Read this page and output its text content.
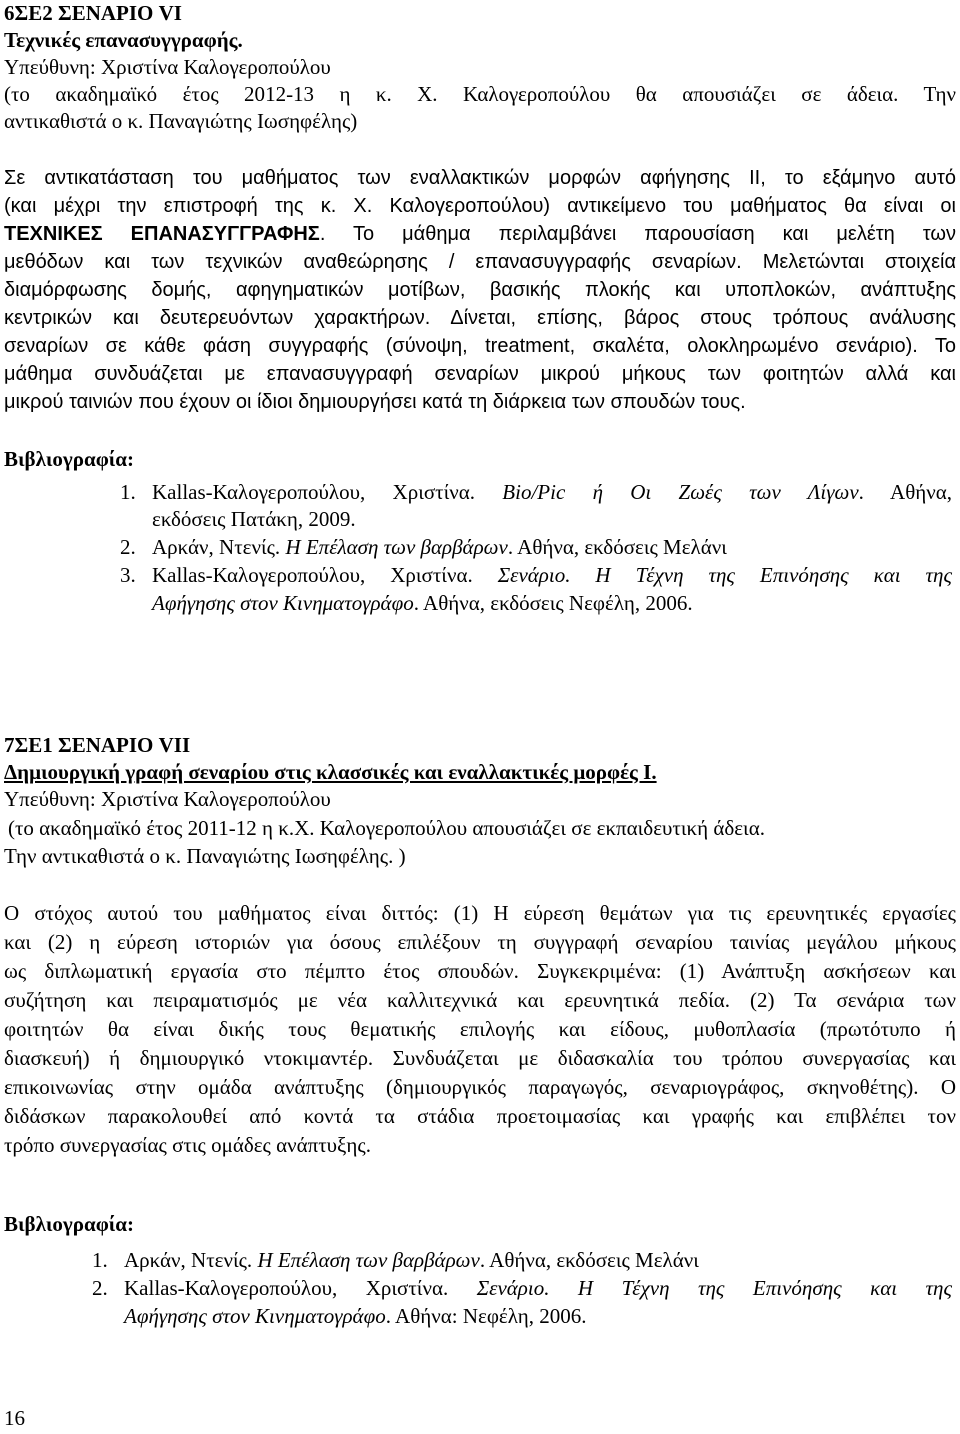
6ΣΕ2 ΣΕΝΑΡΙΟ VI
Τεχνικές επανασυγγραφής.
Υπεύθυνη: Χριστίνα Καλογεροπούλου
(το ακαδημαϊκό έτος 2012-13 η κ. Χ. Καλογεροπούλου θα απουσιάζει σε άδεια. Την
αντικαθιστά ο κ. Παναγιώτης Ιωσηφέλης)
Σε αντικατάσταση του μαθήματος των εναλλακτικών μορφών αφήγησης ΙΙ, το εξάμηνο αυτό
(και μέχρι την επιστροφή της κ. Χ. Καλογεροπούλου) αντικείμενο του μαθήματος θα είναι οι
ΤΕΧΝΙΚΕΣ ΕΠΑΝΑΣΥΓΓΡΑΦΗΣ. Το μάθημα περιλαμβάνει παρουσίαση και μελέτη των
μεθόδων και των τεχνικών αναθεώρησης / επανασυγγραφής σεναρίων. Μελετώνται στοιχεία
διαμόρφωσης δομής, αφηγηματικών μοτίβων, βασικής πλοκής και υποπλοκών, ανάπτυξης
κεντρικών και δευτερευόντων χαρακτήρων. Δίνεται, επίσης, βάρος στους τρόπους ανάλυσης
σεναρίων σε κάθε φάση συγγραφής (σύνοψη, treatment, σκαλέτα, ολοκληρωμένο σενάριο). Το
μάθημα συνδυάζεται με επανασυγγραφή σεναρίων μικρού μήκους των φοιτητών αλλά και
μικρού ταινιών που έχουν οι ίδιοι δημιουργήσει κατά τη διάρκεια των σπουδών τους.
Βιβλιογραφία:
1. Kallas-Καλογεροπούλου, Χριστίνα. Bio/Pic ή Οι Ζωές των Λίγων. Αθήνα,
εκδόσεις Πατάκη, 2009.
2. Αρκάν, Ντενίς. Η Επέλαση των βαρβάρων. Αθήνα, εκδόσεις Μελάνι
3. Kallas-Καλογεροπούλου, Χριστίνα. Σενάριο. Η Τέχνη της Επινόησης και της
Αφήγησης στον Κινηματογράφο. Αθήνα, εκδόσεις Νεφέλη, 2006.
7ΣΕ1 ΣΕΝΑΡΙΟ VII
Δημιουργική γραφή σεναρίου στις κλασσικές και εναλλακτικές μορφές Ι.
Υπεύθυνη: Χριστίνα Καλογεροπούλου
(το ακαδημαϊκό έτος 2011-12 η κ.Χ. Καλογεροπούλου απουσιάζει σε εκπαιδευτική άδεια.
Την αντικαθιστά ο κ. Παναγιώτης Ιωσηφέλης. )
Ο στόχος αυτού του μαθήματος είναι διττός: (1) Η εύρεση θεμάτων για τις ερευνητικές εργασίες
και (2) η εύρεση ιστοριών για όσους επιλέξουν τη συγγραφή σεναρίου ταινίας μεγάλου μήκους
ως διπλωματική εργασία στο πέμπτο έτος σπουδών. Συγκεκριμένα: (1) Ανάπτυξη ασκήσεων και
συζήτηση και πειραματισμός με νέα καλλιτεχνικά και ερευνητικά πεδία. (2) Τα σενάρια των
φοιτητών θα είναι δικής τους θεματικής επιλογής και είδους, μυθοπλασία (πρωτότυπο ή
διασκευή) ή δημιουργικό ντοκιμαντέρ. Συνδυάζεται με διδασκαλία του τρόπου συνεργασίας και
επικοινωνίας στην ομάδα ανάπτυξης (δημιουργικός παραγωγός, σεναριογράφος, σκηνοθέτης). Ο
διδάσκων παρακολουθεί από κοντά τα στάδια προετοιμασίας και γραφής και επιβλέπει τον
τρόπο συνεργασίας στις ομάδες ανάπτυξης.
Βιβλιογραφία:
1. Αρκάν, Ντενίς. Η Επέλαση των βαρβάρων. Αθήνα, εκδόσεις Μελάνι
2. Kallas-Καλογεροπούλου, Χριστίνα. Σενάριο. Η Τέχνη της Επινόησης και της
Αφήγησης στον Κινηματογράφο. Αθήνα: Νεφέλη, 2006.
16
